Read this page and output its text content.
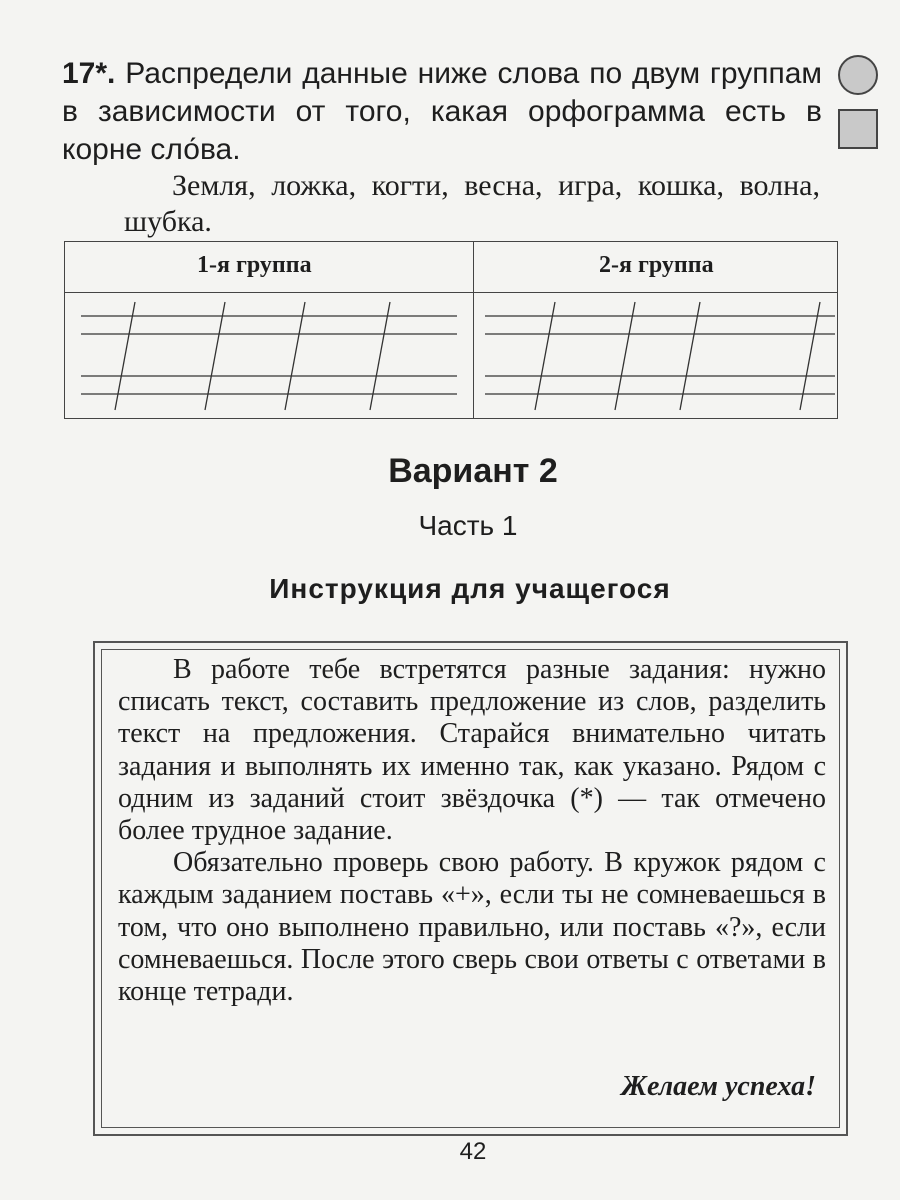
17*. Распредели данные ниже слова по двум группам в зависимости от того, какая орфограмма есть в корне сло́ва.
Земля, ложка, когти, весна, игра, кошка, волна, шубка.
1-я группа	2-я группа
Вариант 2
Часть 1
Инструкция для учащегося

В работе тебе встретятся разные задания: нужно списать текст, составить предложение из слов, разделить текст на предложения. Старайся внимательно читать задания и выполнять их именно так, как указано. Рядом с одним из заданий стоит звёздочка (*) — так отмечено более трудное задание.

Обязательно проверь свою работу. В кружок рядом с каждым заданием поставь «+», если ты не сомневаешься в том, что оно выполнено правильно, или поставь «?», если сомневаешься. После этого сверь свои ответы с ответами в конце тетради.

Желаем успеха!
42
